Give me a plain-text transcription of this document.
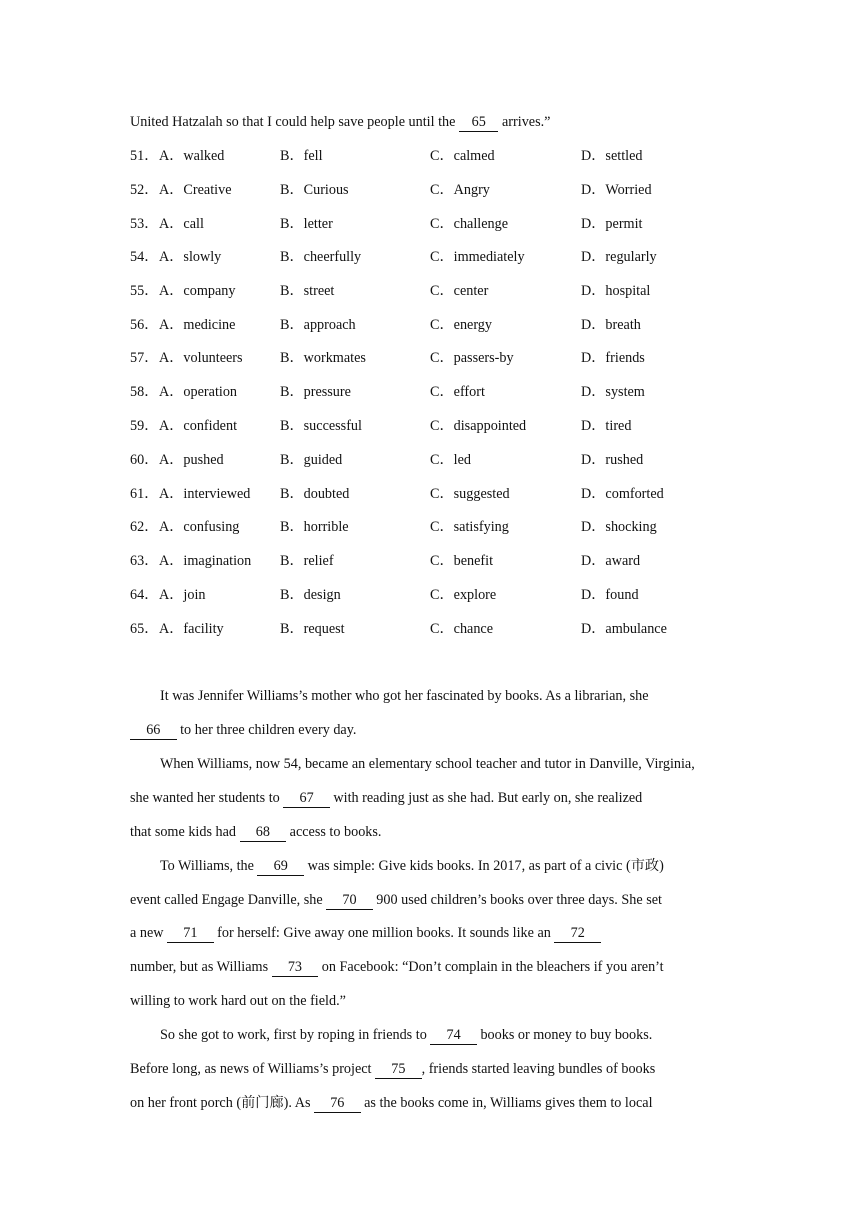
United Hatzalah so that I could help save people until the    65    arrives.”
51． A．walked	B．fell	C．calmed	D．settled
52． A．Creative	B．Curious	C．Angry	D．Worried
53． A．call	B．letter	C．challenge	D．permit
54． A．slowly	B．cheerfully	C．immediately	D．regularly
55． A．company	B．street	C．center	D．hospital
56． A．medicine	B．approach	C．energy	D．breath
57． A．volunteers	B．workmates	C．passers-by	D．friends
58． A．operation	B．pressure	C．effort	D．system
59． A．confident	B．successful	C．disappointed	D．tired
60． A．pushed	B．guided	C．led	D．rushed
61． A．interviewed B．doubted	C．suggested	D．comforted
62． A．confusing	B．horrible	C．satisfying	D．shocking
63． A．imagination B．relief	C．benefit	D．award
64． A．join	B．design	C．explore	D．found
65． A．facility	B．request	C．chance	D．ambulance
It was Jennifer Williams’s mother who got her fascinated by books. As a librarian, she
66     to her three children every day.
When Williams, now 54, became an elementary school teacher and tutor in Danville, Virginia,
she wanted her students to     67     with reading just as she had. But early on, she realized
that some kids had     68     access to books.
To Williams, the     69     was simple: Give kids books. In 2017, as part of a civic (市政)
event called Engage Danville, she     70     900 used children’s books over three days. She set
a new     71     for herself: Give away one million books. It sounds like an     72
number, but as Williams     73     on Facebook: “Don’t complain in the bleachers if you aren’t
willing to work hard out on the field.”
So she got to work, first by roping in friends to     74     books or money to buy books.
Before long, as news of Williams’s project     75 , friends started leaving bundles of books
on her front porch (前门廊). As     76     as the books come in, Williams gives them to local
